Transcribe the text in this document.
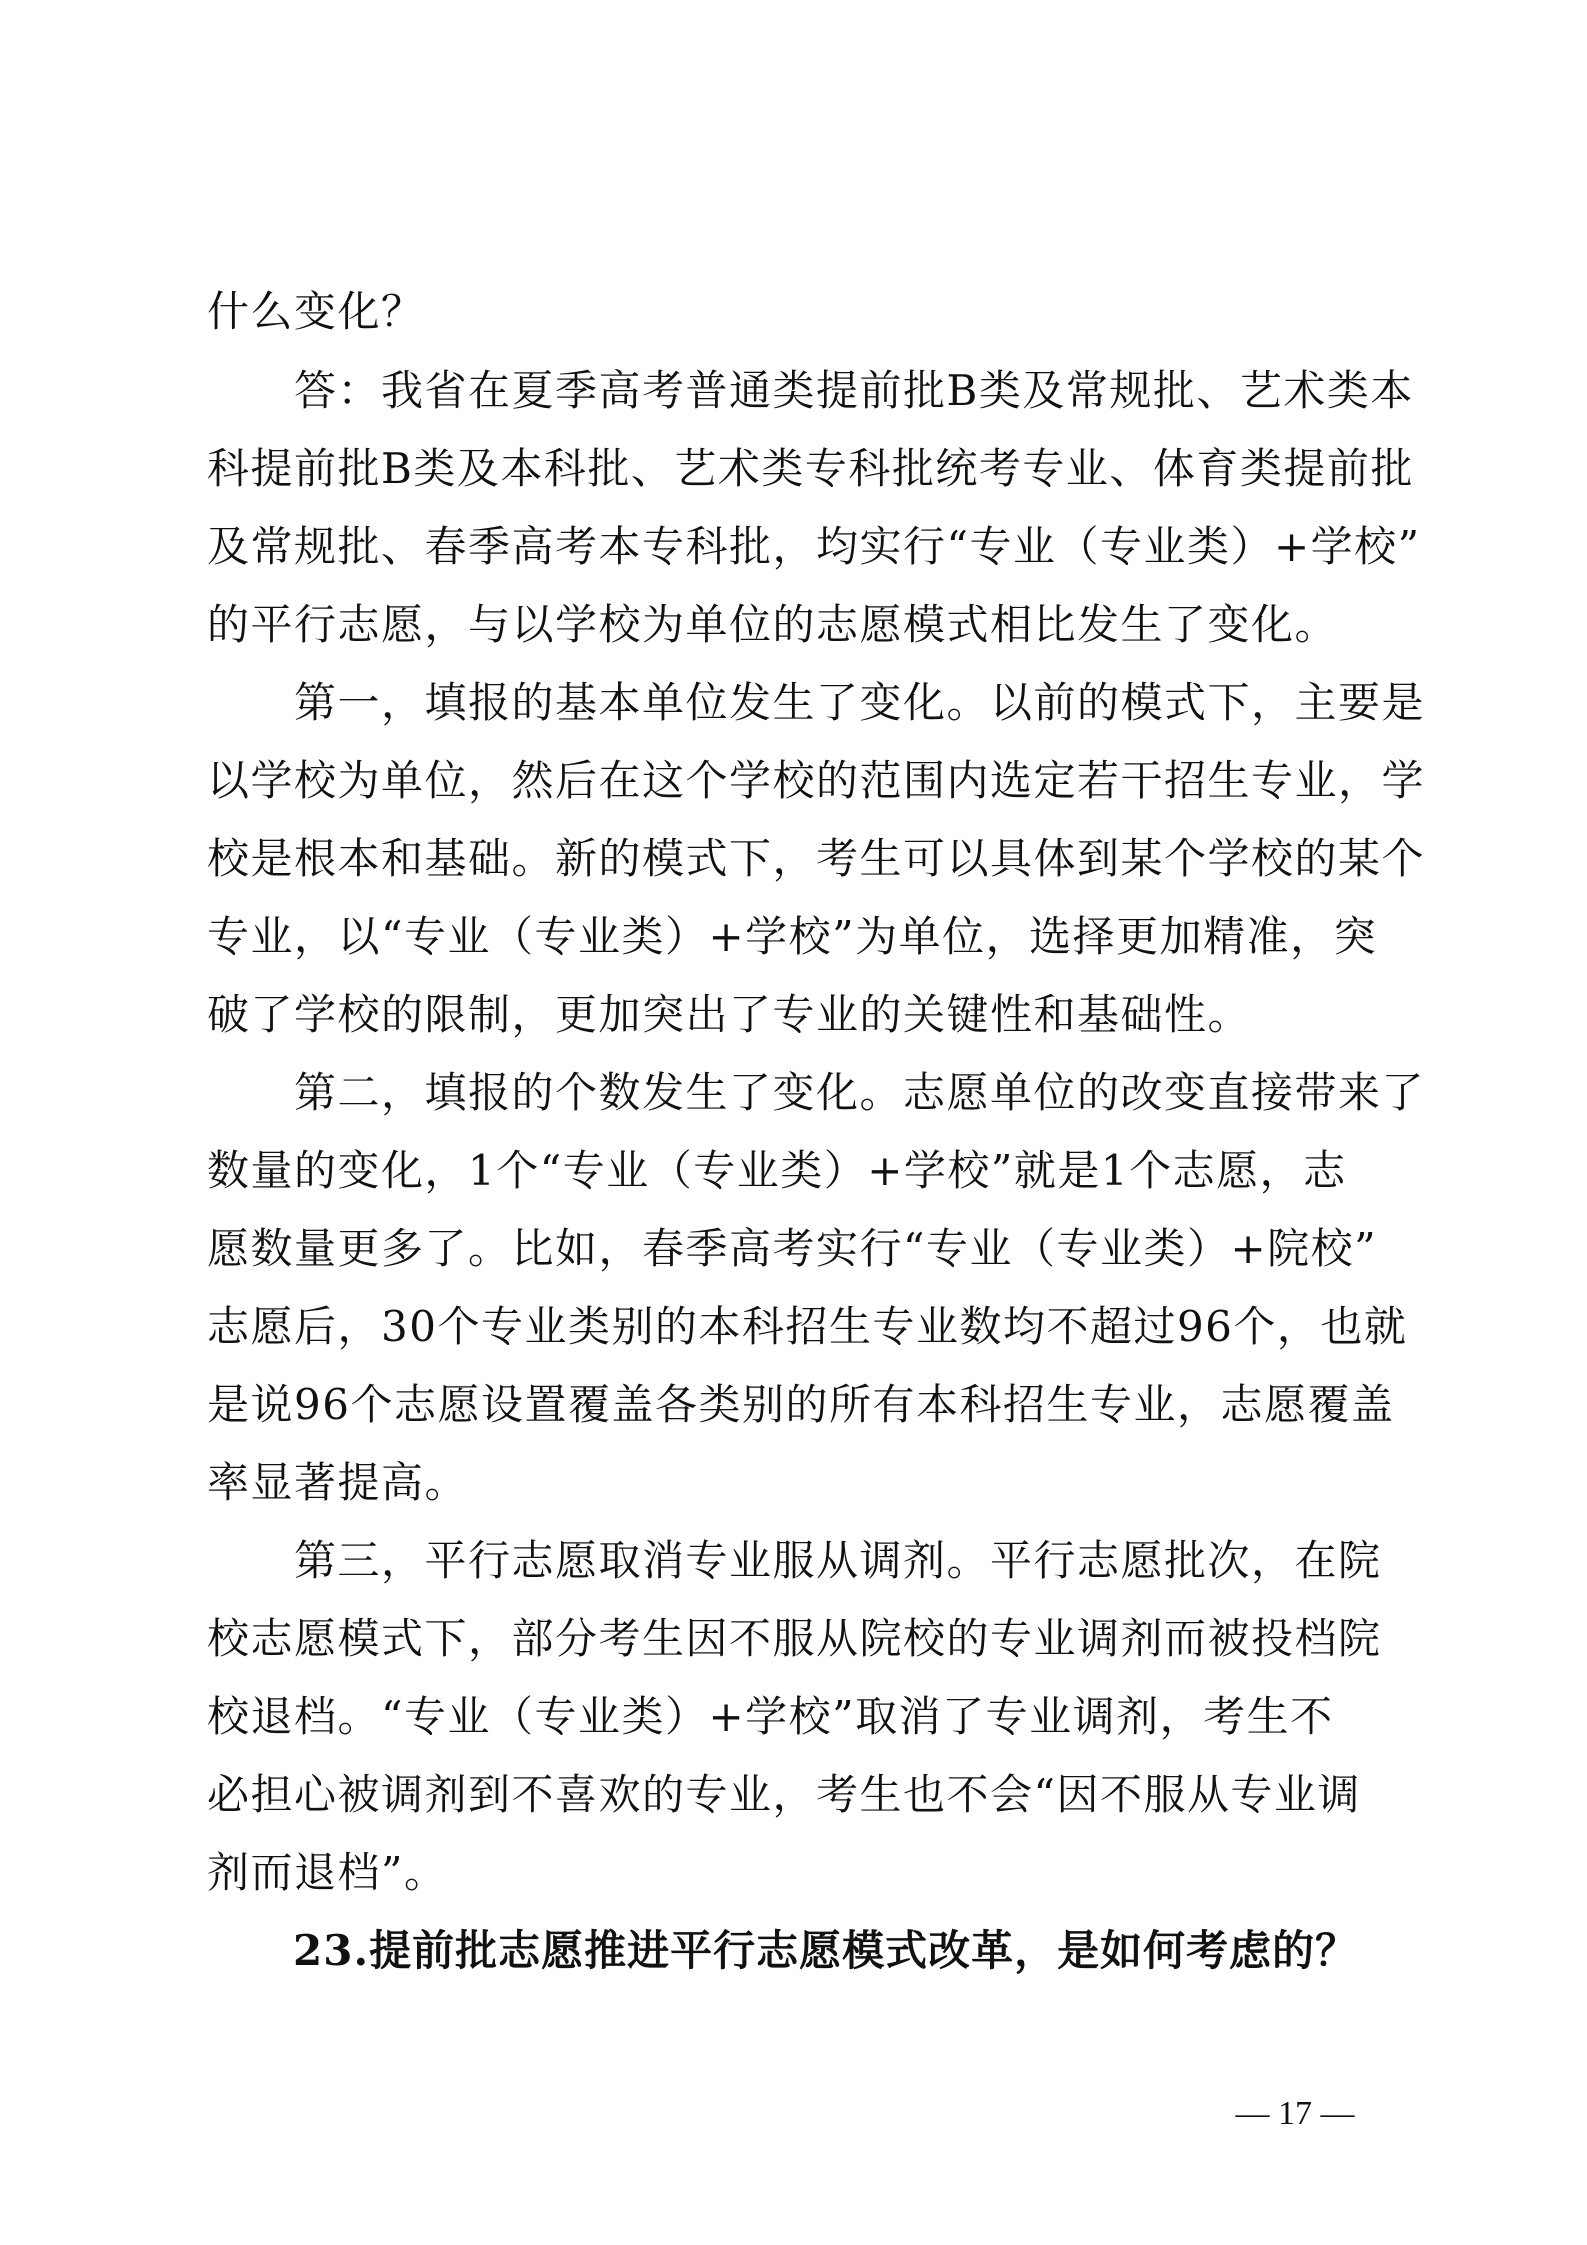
什么变化？
　　答：我省在夏季高考普通类提前批B类及常规批、艺术类本
科提前批B类及本科批、艺术类专科批统考专业、体育类提前批
及常规批、春季高考本专科批，均实行“专业（专业类）+学校”
的平行志愿，与以学校为单位的志愿模式相比发生了变化。
　　第一，填报的基本单位发生了变化。以前的模式下，主要是
以学校为单位，然后在这个学校的范围内选定若干招生专业，学
校是根本和基础。新的模式下，考生可以具体到某个学校的某个
专业，以“专业（专业类）+学校”为单位，选择更加精准，突
破了学校的限制，更加突出了专业的关键性和基础性。
　　第二，填报的个数发生了变化。志愿单位的改变直接带来了
数量的变化，1个“专业（专业类）+学校”就是1个志愿，志
愿数量更多了。比如，春季高考实行“专业（专业类）+院校”
志愿后，30个专业类别的本科招生专业数均不超过96个，也就
是说96个志愿设置覆盖各类别的所有本科招生专业，志愿覆盖
率显著提高。
　　第三，平行志愿取消专业服从调剂。平行志愿批次，在院
校志愿模式下，部分考生因不服从院校的专业调剂而被投档院
校退档。“专业（专业类）+学校”取消了专业调剂，考生不
必担心被调剂到不喜欢的专业，考生也不会“因不服从专业调
剂而退档”。
　　23.提前批志愿推进平行志愿模式改革，是如何考虑的？
— 17 —
